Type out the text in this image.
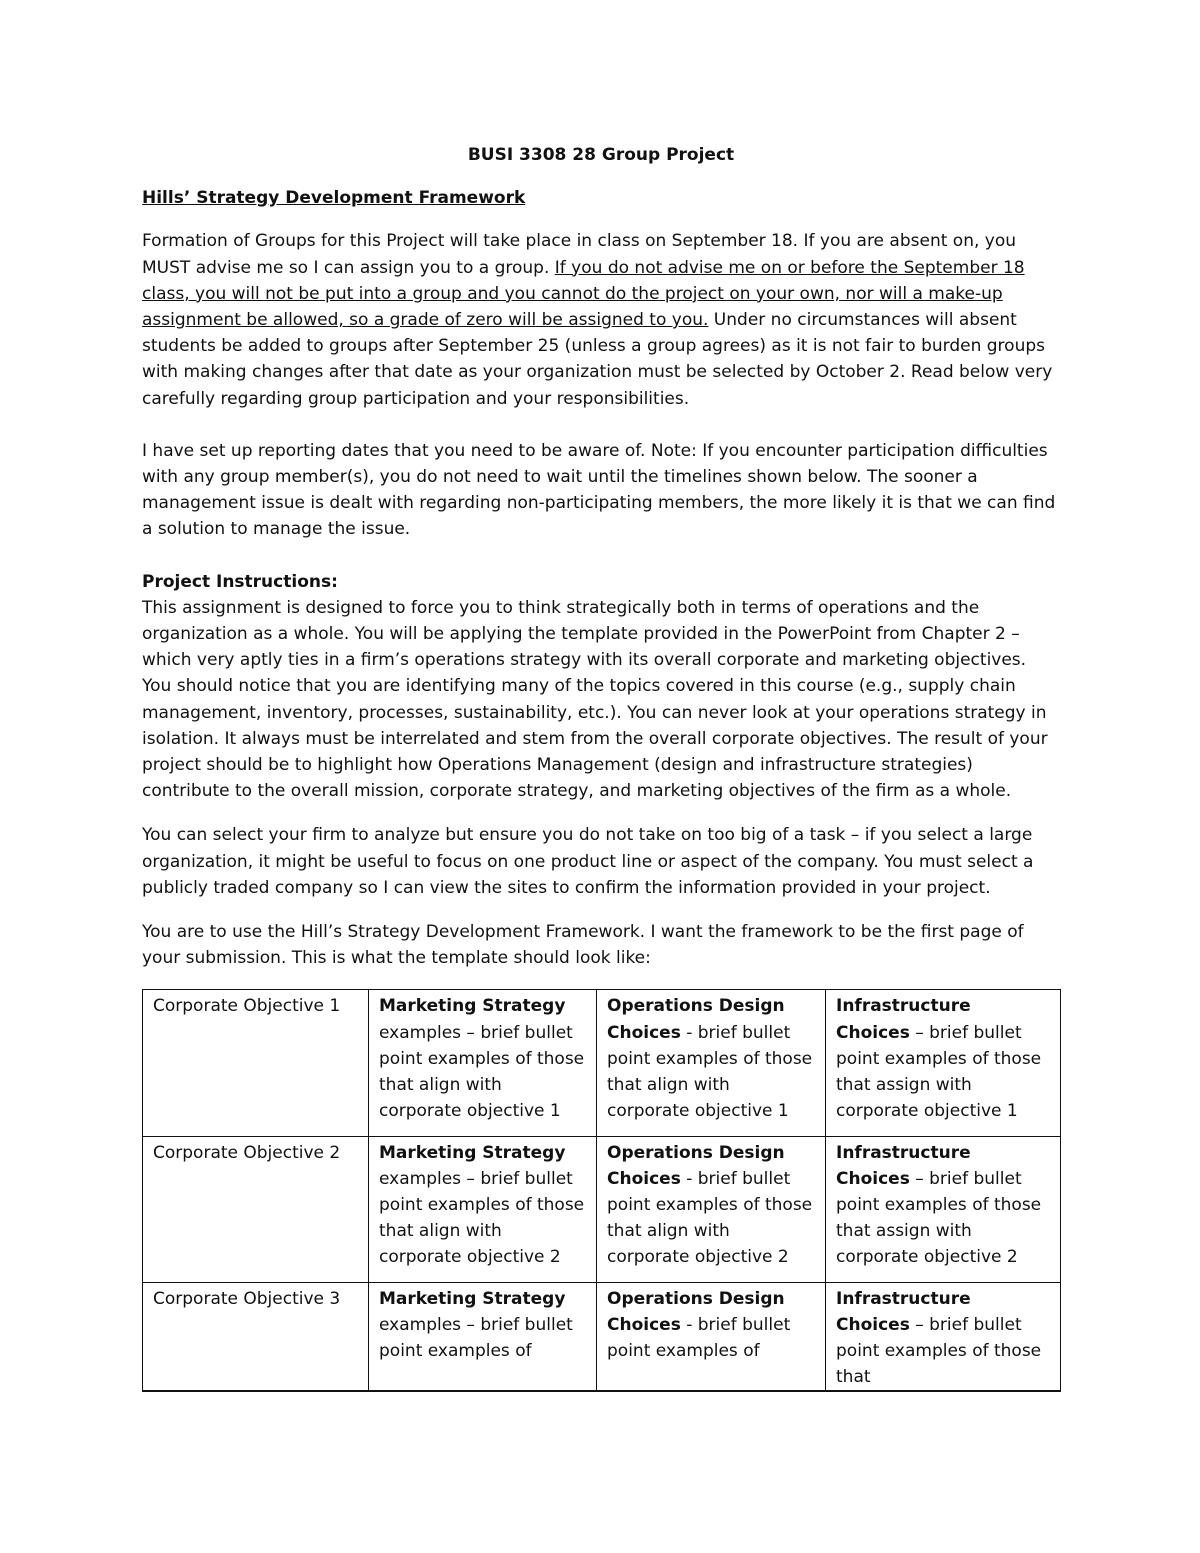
BUSI 3308 28 Group Project
Hills’ Strategy Development Framework

Formation of Groups for this Project will take place in class on September 18. If you are absent on, you MUST advise me so I can assign you to a group. If you do not advise me on or before the September 18 class, you will not be put into a group and you cannot do the project on your own, nor will a make-up assignment be allowed, so a grade of zero will be assigned to you. Under no circumstances will absent students be added to groups after September 25 (unless a group agrees) as it is not fair to burden groups with making changes after that date as your organization must be selected by October 2. Read below very carefully regarding group participation and your responsibilities.

I have set up reporting dates that you need to be aware of. Note: If you encounter participation difficulties with any group member(s), you do not need to wait until the timelines shown below. The sooner a management issue is dealt with regarding non-participating members, the more likely it is that we can find a solution to manage the issue.

Project Instructions:

This assignment is designed to force you to think strategically both in terms of operations and the organization as a whole. You will be applying the template provided in the PowerPoint from Chapter 2 – which very aptly ties in a firm’s operations strategy with its overall corporate and marketing objectives. You should notice that you are identifying many of the topics covered in this course (e.g., supply chain management, inventory, processes, sustainability, etc.). You can never look at your operations strategy in isolation. It always must be interrelated and stem from the overall corporate objectives. The result of your project should be to highlight how Operations Management (design and infrastructure strategies) contribute to the overall mission, corporate strategy, and marketing objectives of the firm as a whole.

You can select your firm to analyze but ensure you do not take on too big of a task – if you select a large organization, it might be useful to focus on one product line or aspect of the company. You must select a publicly traded company so I can view the sites to confirm the information provided in your project.

You are to use the Hill’s Strategy Development Framework. I want the framework to be the first page of your submission. This is what the template should look like:

Corporate Objective 1	Marketing Strategy examples – brief bullet point examples of those that align with corporate objective 1	Operations Design Choices - brief bullet point examples of those that align with corporate objective 1	Infrastructure Choices – brief bullet point examples of those that assign with corporate objective 1
Corporate Objective 2	Marketing Strategy examples – brief bullet point examples of those that align with corporate objective 2	Operations Design Choices - brief bullet point examples of those that align with corporate objective 2	Infrastructure Choices – brief bullet point examples of those that assign with corporate objective 2
Corporate Objective 3	Marketing Strategy examples – brief bullet point examples of	Operations Design Choices - brief bullet point examples of	Infrastructure Choices – brief bullet point examples of those that
